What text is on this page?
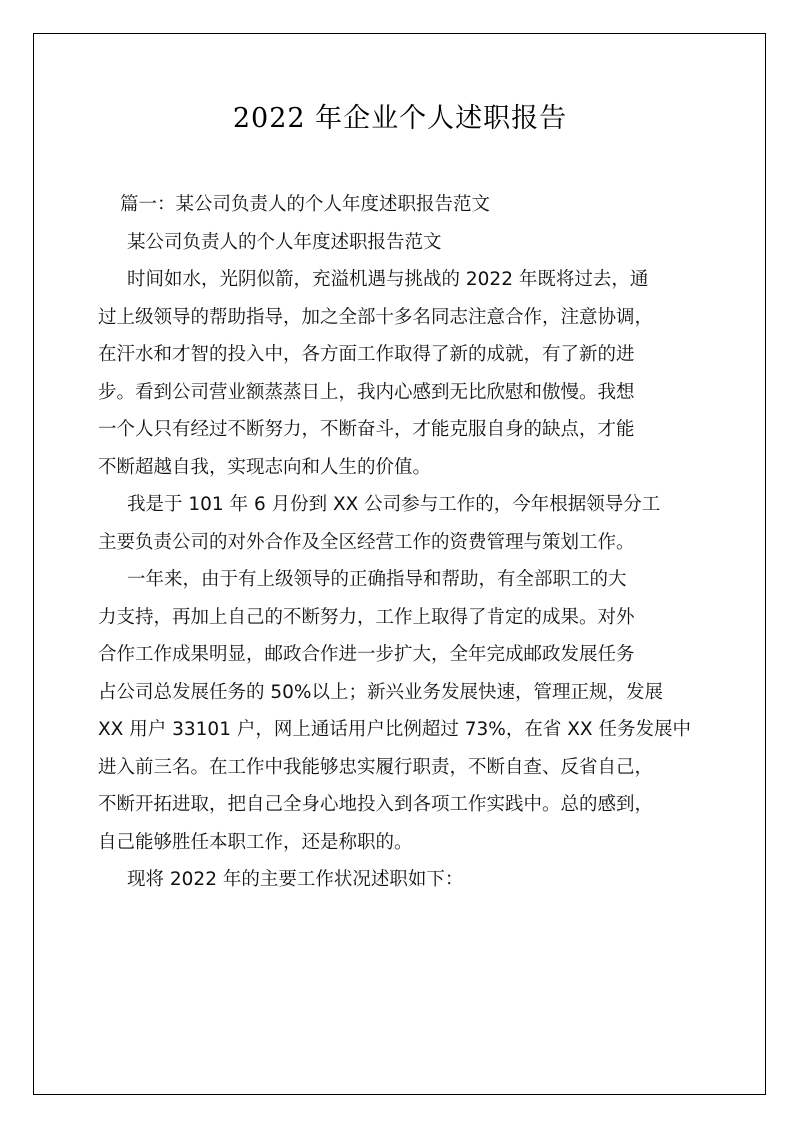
2022 年企业个人述职报告
篇一：某公司负责人的个人年度述职报告范文
某公司负责人的个人年度述职报告范文
时间如水，光阴似箭，充溢机遇与挑战的 2022 年既将过去，通
过上级领导的帮助指导，加之全部十多名同志注意合作，注意协调，
在汗水和才智的投入中，各方面工作取得了新的成就，有了新的进
步。看到公司营业额蒸蒸日上，我内心感到无比欣慰和傲慢。我想
一个人只有经过不断努力，不断奋斗，才能克服自身的缺点，才能
不断超越自我，实现志向和人生的价值。
我是于 101 年 6 月份到 XX 公司参与工作的，今年根据领导分工
主要负责公司的对外合作及全区经营工作的资费管理与策划工作。
一年来，由于有上级领导的正确指导和帮助，有全部职工的大
力支持，再加上自己的不断努力，工作上取得了肯定的成果。对外
合作工作成果明显，邮政合作进一步扩大，全年完成邮政发展任务
占公司总发展任务的 50%以上；新兴业务发展快速，管理正规，发展
XX 用户 33101 户，网上通话用户比例超过 73%，在省 XX 任务发展中
进入前三名。在工作中我能够忠实履行职责，不断自查、反省自己，
不断开拓进取，把自己全身心地投入到各项工作实践中。总的感到，
自己能够胜任本职工作，还是称职的。
现将 2022 年的主要工作状况述职如下：
